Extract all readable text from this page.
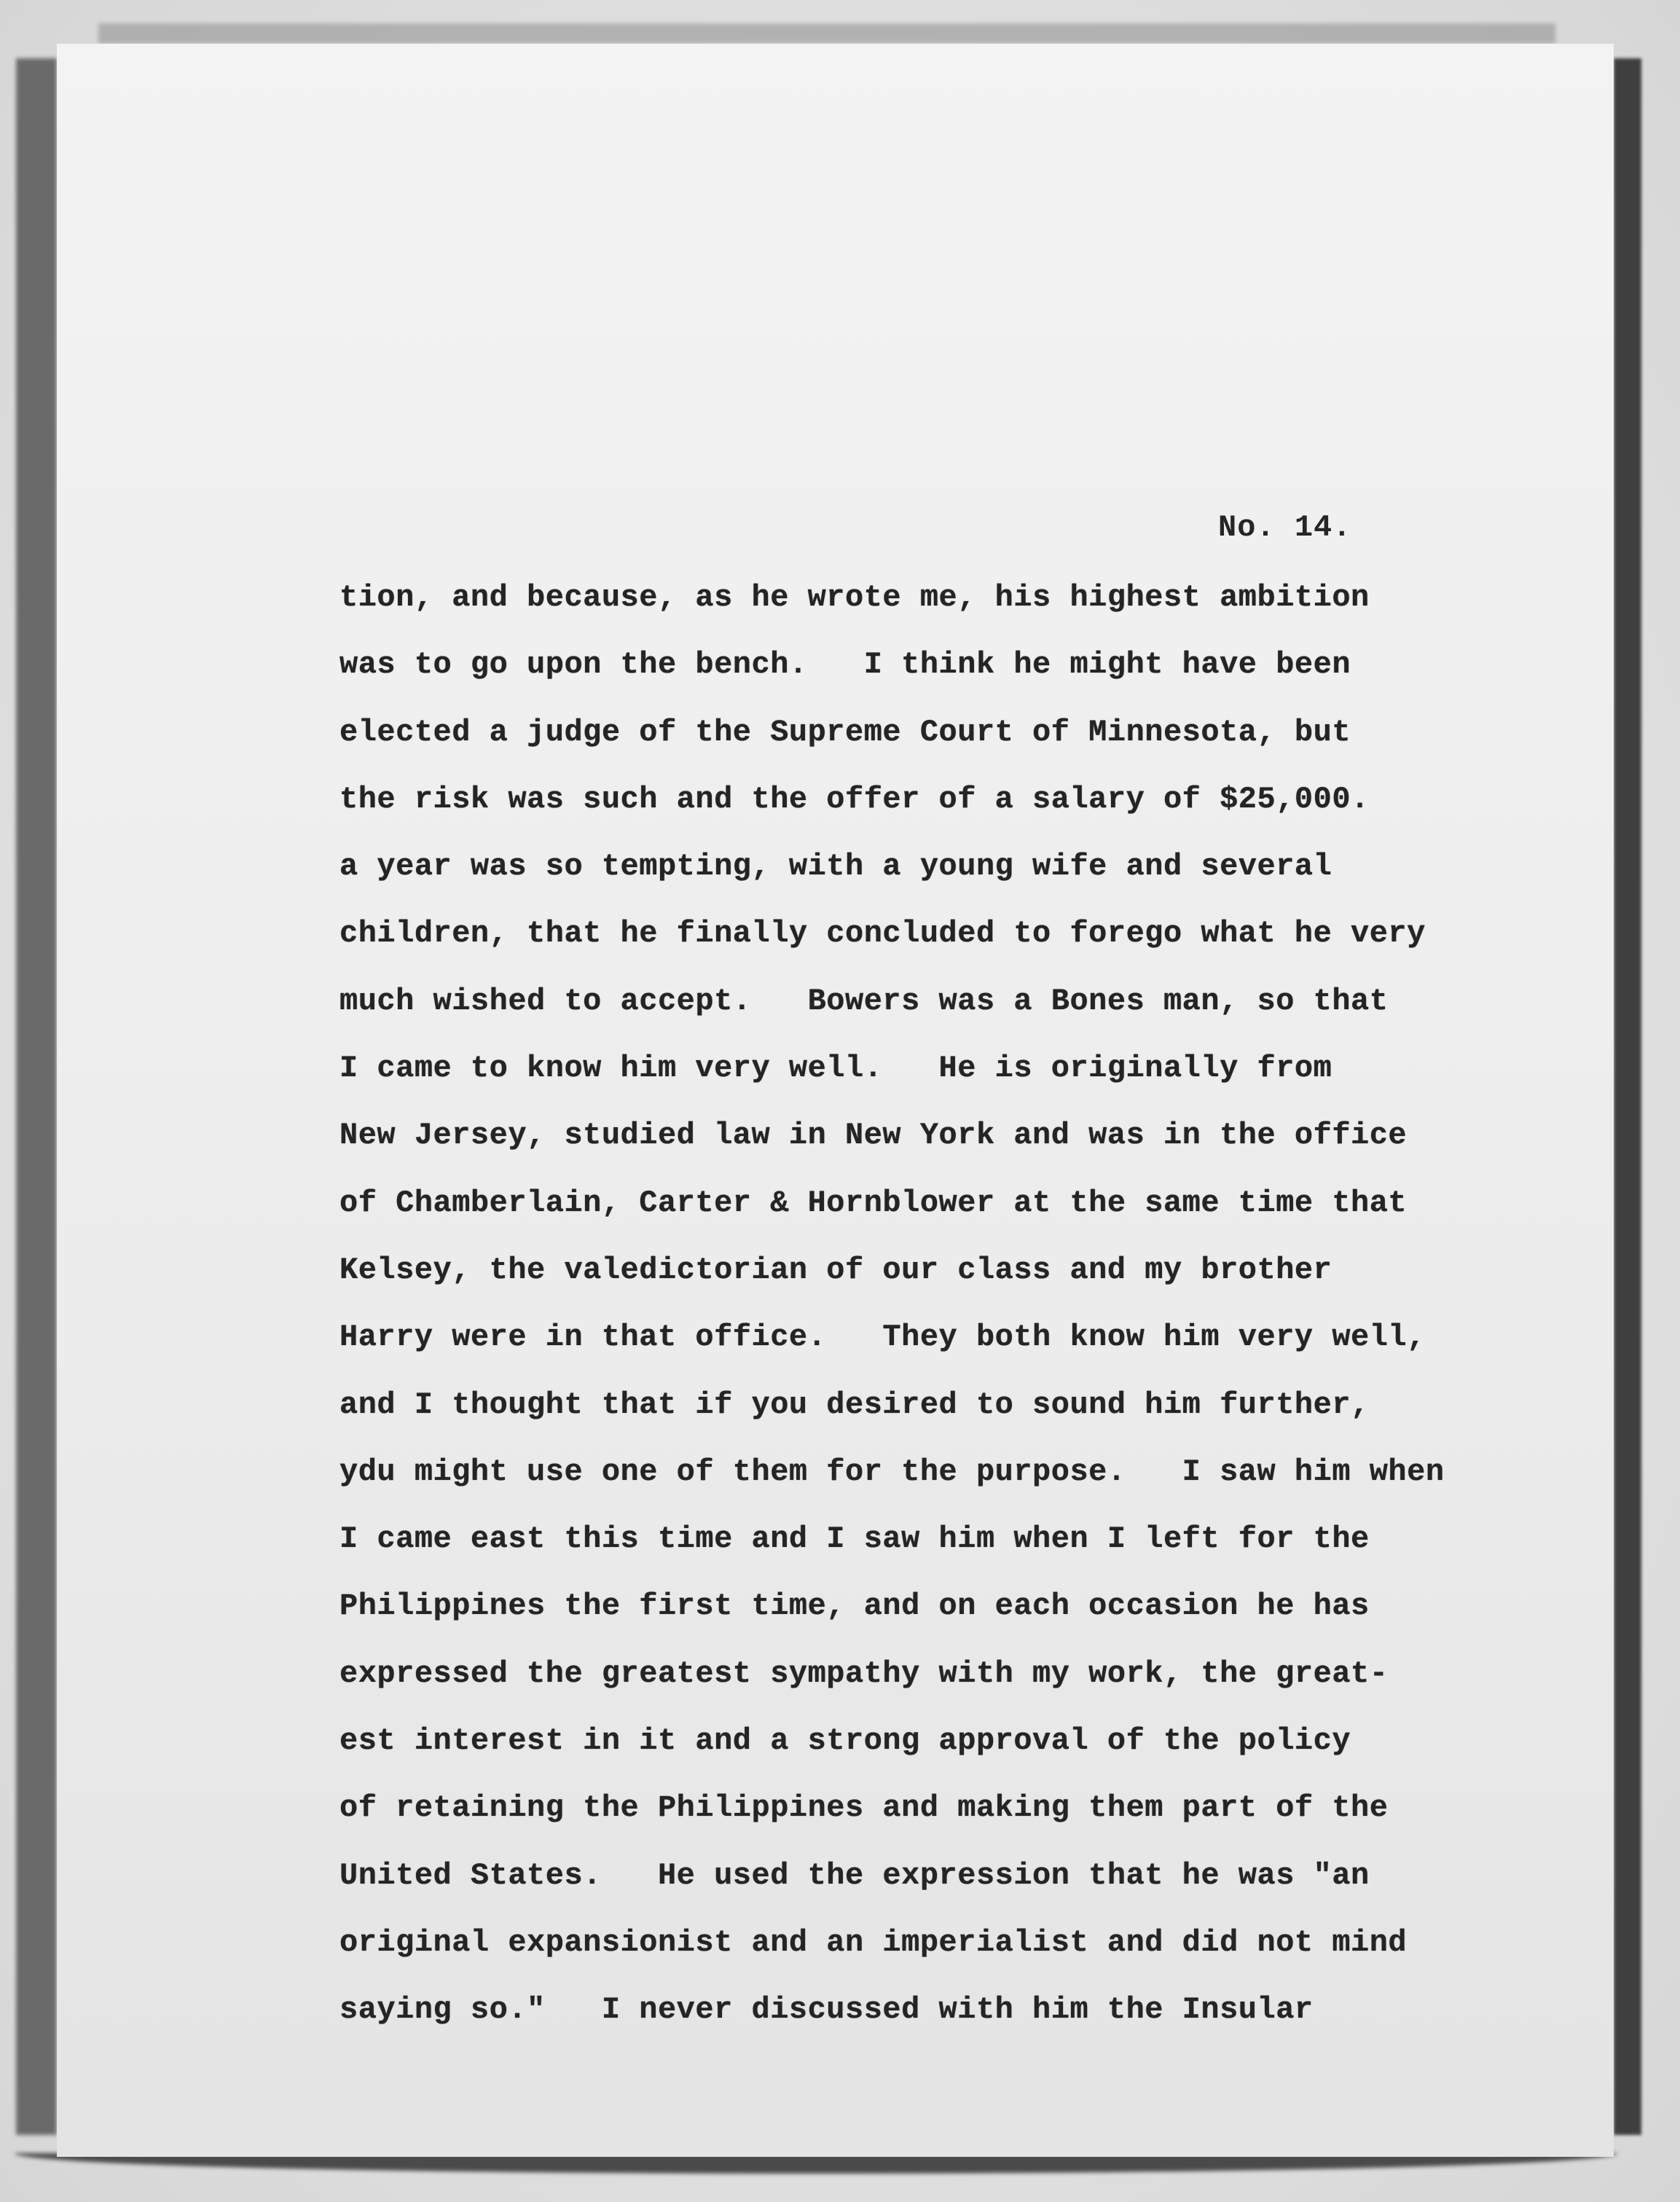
No. 14.
tion, and because, as he wrote me, his highest ambition
was to go upon the bench.   I think he might have been
elected a judge of the Supreme Court of Minnesota, but
the risk was such and the offer of a salary of $25,000.
a year was so tempting, with a young wife and several
children, that he finally concluded to forego what he very
much wished to accept.   Bowers was a Bones man, so that
I came to know him very well.   He is originally from
New Jersey, studied law in New York and was in the office
of Chamberlain, Carter & Hornblower at the same time that
Kelsey, the valedictorian of our class and my brother
Harry were in that office.   They both know him very well,
and I thought that if you desired to sound him further,
ydu might use one of them for the purpose.   I saw him when
I came east this time and I saw him when I left for the
Philippines the first time, and on each occasion he has
expressed the greatest sympathy with my work, the great-
est interest in it and a strong approval of the policy
of retaining the Philippines and making them part of the
United States.   He used the expression that he was "an
original expansionist and an imperialist and did not mind
saying so."   I never discussed with him the Insular
